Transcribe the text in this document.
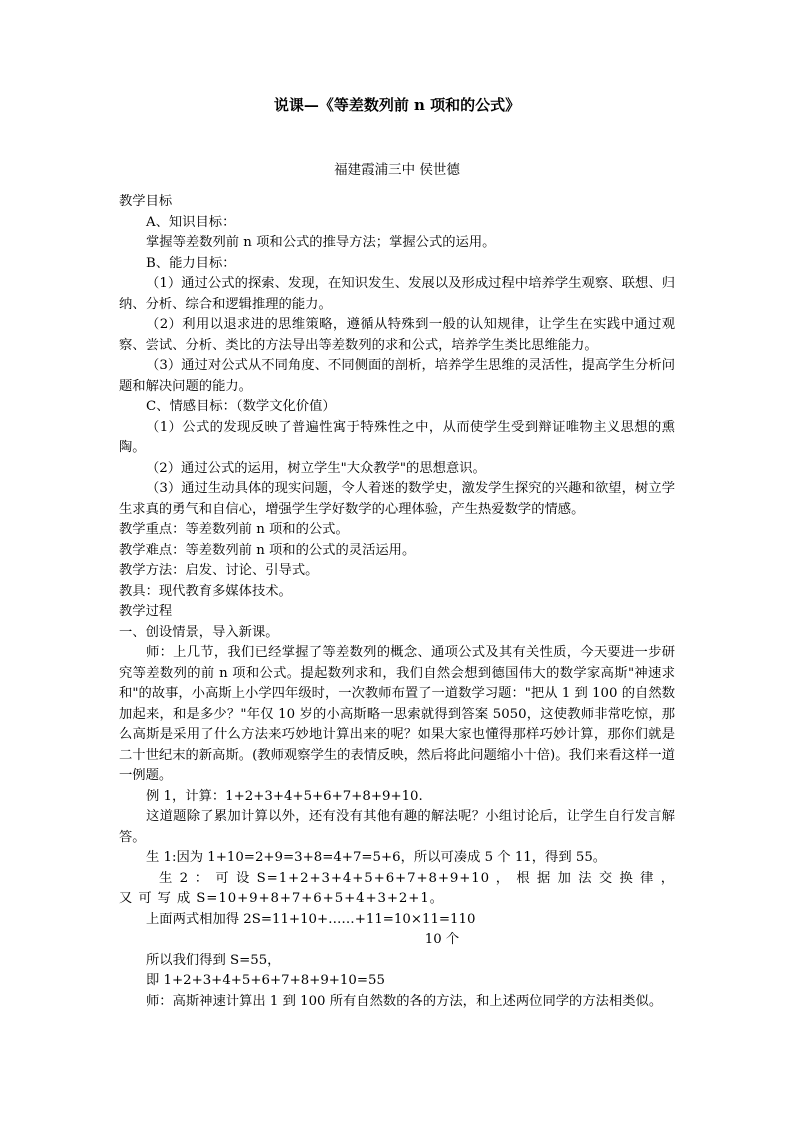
说课—《等差数列前 n 项和的公式》
福建霞浦三中 侯世德

教学目标

A、知识目标：

掌握等差数列前 n 项和公式的推导方法；掌握公式的运用。

B、能力目标：

（1）通过公式的探索、发现，在知识发生、发展以及形成过程中培养学生观察、联想、归纳、分析、综合和逻辑推理的能力。

（2）利用以退求进的思维策略，遵循从特殊到一般的认知规律，让学生在实践中通过观察、尝试、分析、类比的方法导出等差数列的求和公式，培养学生类比思维能力。

（3）通过对公式从不同角度、不同侧面的剖析，培养学生思维的灵活性，提高学生分析问题和解决问题的能力。

C、情感目标：（数学文化价值）

（1）公式的发现反映了普遍性寓于特殊性之中，从而使学生受到辩证唯物主义思想的熏陶。

（2）通过公式的运用，树立学生"大众教学"的思想意识。

（3）通过生动具体的现实问题，令人着迷的数学史，激发学生探究的兴趣和欲望，树立学生求真的勇气和自信心，增强学生学好数学的心理体验，产生热爱数学的情感。

教学重点：等差数列前 n 项和的公式。

教学难点：等差数列前 n 项和的公式的灵活运用。

教学方法：启发、讨论、引导式。

教具：现代教育多媒体技术。

教学过程

一、创设情景，导入新课。

师：上几节，我们已经掌握了等差数列的概念、通项公式及其有关性质，今天要进一步研究等差数列的前 n 项和公式。提起数列求和，我们自然会想到德国伟大的数学家高斯"神速求和"的故事，小高斯上小学四年级时，一次教师布置了一道数学习题："把从 1 到 100 的自然数加起来，和是多少？"年仅 10 岁的小高斯略一思索就得到答案 5050，这使教师非常吃惊，那么高斯是采用了什么方法来巧妙地计算出来的呢？如果大家也懂得那样巧妙计算，那你们就是二十世纪末的新高斯。(教师观察学生的表情反映，然后将此问题缩小十倍)。我们来看这样一道一例题。

例 1，计算：1+2+3+4+5+6+7+8+9+10.

这道题除了累加计算以外，还有没有其他有趣的解法呢？小组讨论后，让学生自行发言解答。

生 1:因为 1+10=2+9=3+8=4+7=5+6，所以可凑成 5 个 11，得到 55。

生 2 ： 可 设 S=1+2+3+4+5+6+7+8+9+10 ， 根 据 加 法 交 换 律 ， 又 可 写 成 S=10+9+8+7+6+5+4+3+2+1。

上面两式相加得 2S=11+10+……+11=10×11=110

10 个

所以我们得到 S=55，

即 1+2+3+4+5+6+7+8+9+10=55

师：高斯神速计算出 1 到 100 所有自然数的各的方法，和上述两位同学的方法相类似。
